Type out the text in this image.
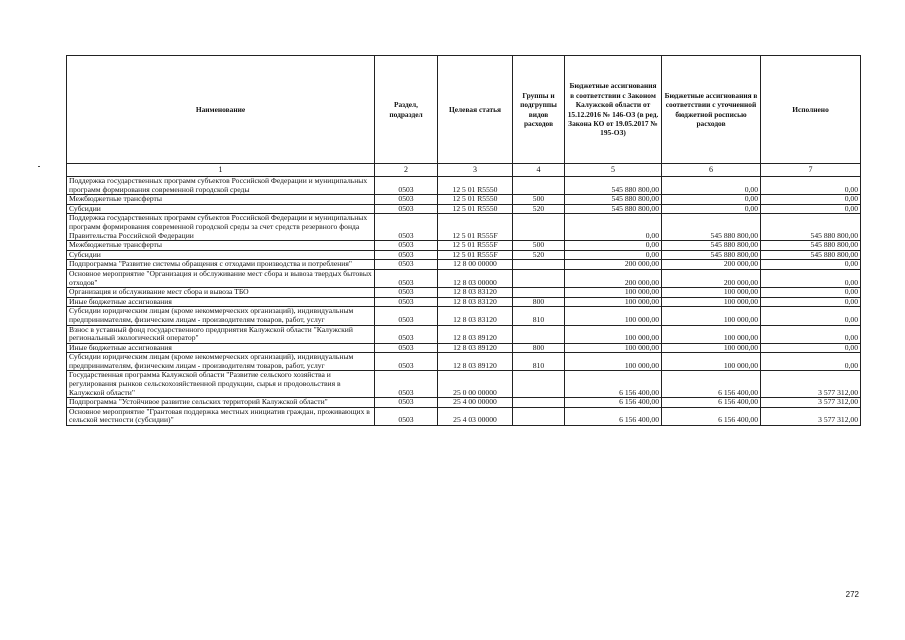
Наименование	Раздел, подраздел	Целевая статья	Группы и подгруппы видов расходов	Бюджетные ассигнования в соответствии с Законом Калужской области от 15.12.2016 № 146-ОЗ (в ред. Закона КО от 19.05.2017 № 195-ОЗ)	Бюджетные ассигнования в соответствии с уточненной бюджетной росписью расходов	Исполнено
1	2	3	4	5	6	7
Поддержка государственных программ субъектов Российской Федерации и муниципальных программ формирования современной городской среды	0503	12 5 01 R5550		545 880 800,00	0,00	0,00
Межбюджетные трансферты	0503	12 5 01 R5550	500	545 880 800,00	0,00	0,00
Субсидии	0503	12 5 01 R5550	520	545 880 800,00	0,00	0,00
Поддержка государственных программ субъектов Российской Федерации и муниципальных программ формирования современной городской среды за счет средств резервного фонда Правительства Российской Федерации	0503	12 5 01 R555F		0,00	545 880 800,00	545 880 800,00
Межбюджетные трансферты	0503	12 5 01 R555F	500	0,00	545 880 800,00	545 880 800,00
Субсидии	0503	12 5 01 R555F	520	0,00	545 880 800,00	545 880 800,00
Подпрограмма "Развитие системы обращения с отходами производства и потребления"	0503	12 8 00 00000		200 000,00	200 000,00	0,00
Основное мероприятие "Организация и обслуживание мест сбора и вывоза твердых бытовых отходов"	0503	12 8 03 00000		200 000,00	200 000,00	0,00
Организация и обслуживание мест сбора и вывоза ТБО	0503	12 8 03 83120		100 000,00	100 000,00	0,00
Иные бюджетные ассигнования	0503	12 8 03 83120	800	100 000,00	100 000,00	0,00
Субсидии юридическим лицам (кроме некоммерческих организаций), индивидуальным предпринимателям, физическим лицам - производителям товаров, работ, услуг	0503	12 8 03 83120	810	100 000,00	100 000,00	0,00
Взнос в уставный фонд государственного предприятия Калужской области "Калужский региональный экологический оператор"	0503	12 8 03 89120		100 000,00	100 000,00	0,00
Иные бюджетные ассигнования	0503	12 8 03 89120	800	100 000,00	100 000,00	0,00
Субсидии юридическим лицам (кроме некоммерческих организаций), индивидуальным предпринимателям, физическим лицам - производителям товаров, работ, услуг	0503	12 8 03 89120	810	100 000,00	100 000,00	0,00
Государственная программа Калужской области "Развитие сельского хозяйства и регулирования рынков сельскохозяйственной продукции, сырья и продовольствия в Калужской области"	0503	25 0 00 00000		6 156 400,00	6 156 400,00	3 577 312,00
Подпрограмма "Устойчивое развитие сельских территорий Калужской области"	0503	25 4 00 00000		6 156 400,00	6 156 400,00	3 577 312,00
Основное мероприятие "Грантовая поддержка местных инициатив граждан, проживающих в сельской местности (субсидии)"	0503	25 4 03 00000		6 156 400,00	6 156 400,00	3 577 312,00
272
